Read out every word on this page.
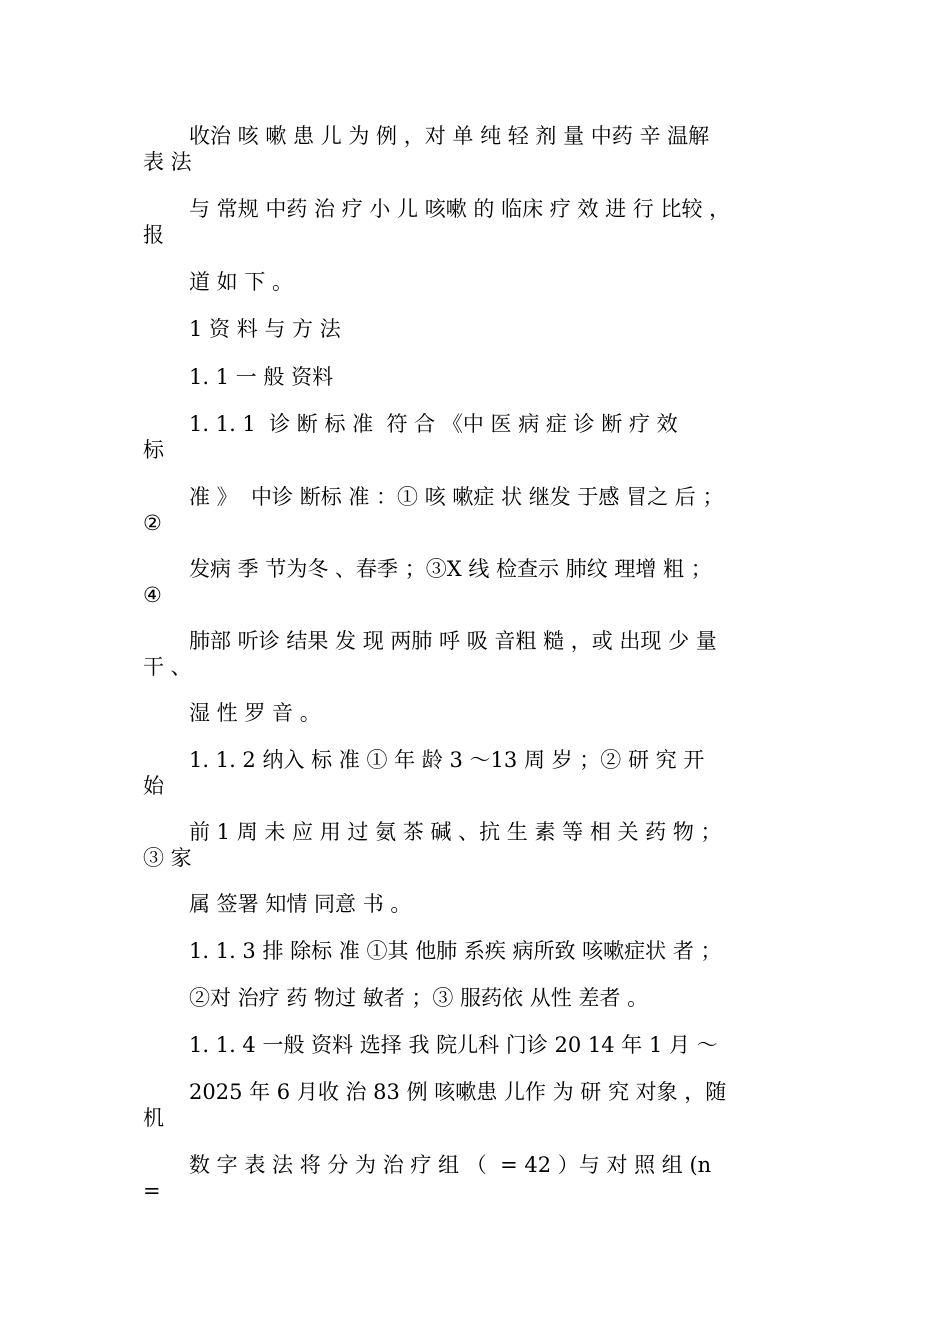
收治 咳 嗽 患 儿 为 例 ，对 单 纯 轻 剂 量 中药 辛 温解
表 法
与 常规 中药 治 疗 小 儿 咳嗽 的 临床 疗 效 进 行 比较 ，
报
道 如 下 。
1 资 料 与 方 法
1. 1 一 般 资料
1. 1. 1  诊 断 标 准  符 合 《中 医 病 症 诊 断 疗 效
标
准 》  中诊 断标 准 ：① 咳 嗽症 状 继发 于感 冒之 后 ；
②
发病 季 节为冬 、春季 ；③X 线 检查示 肺纹 理增 粗 ；
④
肺部 听诊 结果 发 现 两肺 呼 吸 音粗 糙 ，或 出现 少 量
干 、
湿 性 罗 音 。
1. 1. 2 纳入 标 准 ① 年 龄 3 ～13 周 岁 ；② 研 究 开
始
前 1 周 未 应 用 过 氨 茶 碱 、抗 生 素 等 相 关 药 物 ；
③ 家
属 签署 知情 同意 书 。
1. 1. 3 排 除标 准 ①其 他肺 系疾 病所致 咳嗽症状 者 ；
②对 治疗 药 物过 敏者 ；③ 服药依 从性 差者 。
1. 1. 4 一般 资料 选择 我 院儿科 门诊 20 14 年 1 月 ～
2025 年 6 月收 治 83 例 咳嗽患 儿作 为 研 究 对象 ，随
机
数 字 表 法 将 分 为 治 疗 组 （  = 42 ）与 对 照 组 (n
=
